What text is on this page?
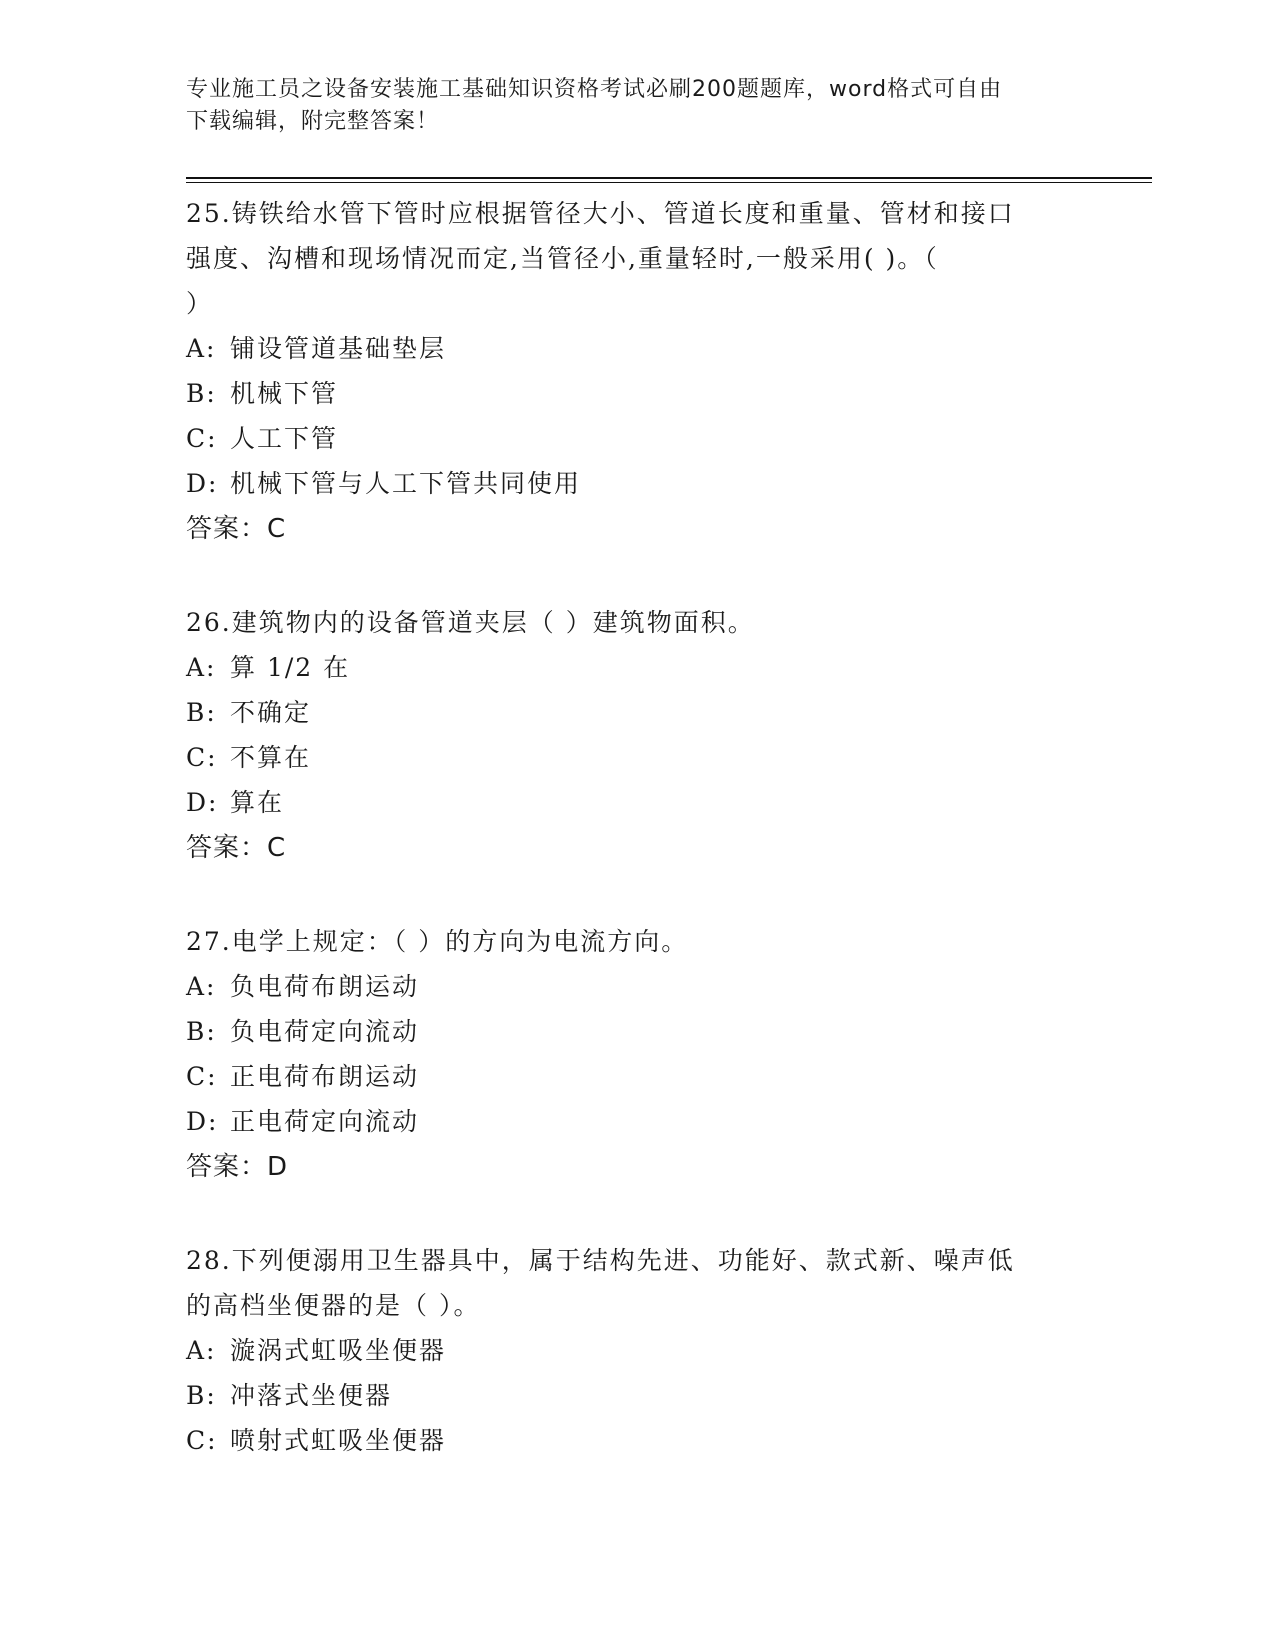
专业施工员之设备安装施工基础知识资格考试必刷200题题库，word格式可自由
下载编辑，附完整答案！

25.铸铁给水管下管时应根据管径大小、管道长度和重量、管材和接口

强度、沟槽和现场情况而定,当管径小,重量轻时,一般采用( )。（

）

A: 铺设管道基础垫层

B: 机械下管

C: 人工下管

D: 机械下管与人工下管共同使用

答案：C

26.建筑物内的设备管道夹层（ ）建筑物面积。

A: 算 1/2 在

B: 不确定

C: 不算在

D: 算在

答案：C

27.电学上规定：（ ）的方向为电流方向。

A: 负电荷布朗运动

B: 负电荷定向流动

C: 正电荷布朗运动

D: 正电荷定向流动

答案：D

28.下列便溺用卫生器具中，属于结构先进、功能好、款式新、噪声低

的高档坐便器的是（ ）。

A: 漩涡式虹吸坐便器

B: 冲落式坐便器

C: 喷射式虹吸坐便器
